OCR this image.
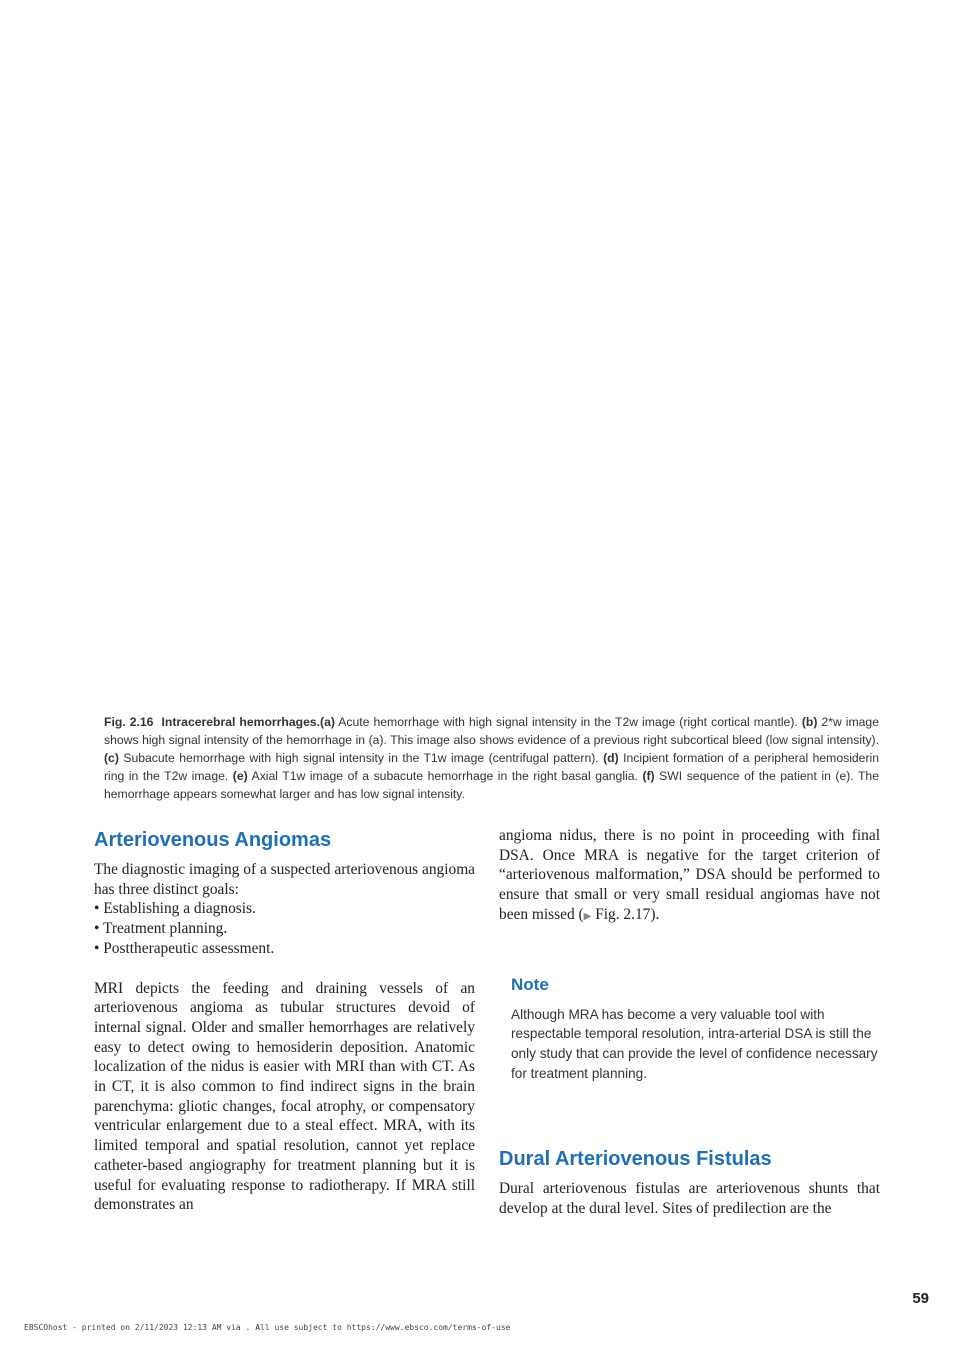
Fig. 2.16 Intracerebral hemorrhages.(a) Acute hemorrhage with high signal intensity in the T2w image (right cortical mantle). (b) 2*w image shows high signal intensity of the hemorrhage in (a). This image also shows evidence of a previous right subcortical bleed (low signal intensity). (c) Subacute hemorrhage with high signal intensity in the T1w image (centrifugal pattern). (d) Incipient formation of a peripheral hemosiderin ring in the T2w image. (e) Axial T1w image of a subacute hemorrhage in the right basal ganglia. (f) SWI sequence of the patient in (e). The hemorrhage appears somewhat larger and has low signal intensity.
Arteriovenous Angiomas

The diagnostic imaging of a suspected arteriovenous angioma has three distinct goals:

• Establishing a diagnosis.
• Treatment planning.
• Posttherapeutic assessment.

MRI depicts the feeding and draining vessels of an arteriovenous angioma as tubular structures devoid of internal signal. Older and smaller hemorrhages are relatively easy to detect owing to hemosiderin deposition. Anatomic localization of the nidus is easier with MRI than with CT. As in CT, it is also common to find indirect signs in the brain parenchyma: gliotic changes, focal atrophy, or compensatory ventricular enlargement due to a steal effect. MRA, with its limited temporal and spatial resolution, cannot yet replace catheter-based angiography for treatment planning but it is useful for evaluating response to radiotherapy. If MRA still demonstrates an

angioma nidus, there is no point in proceeding with final DSA. Once MRA is negative for the target criterion of “arteriovenous malformation,” DSA should be performed to ensure that small or very small residual angiomas have not been missed (▶ Fig. 2.17).

Note

Although MRA has become a very valuable tool with respectable temporal resolution, intra-arterial DSA is still the only study that can provide the level of confidence necessary for treatment planning.

Dural Arteriovenous Fistulas

Dural arteriovenous fistulas are arteriovenous shunts that develop at the dural level. Sites of predilection are the

59
EBSCOhost - printed on 2/11/2023 12:13 AM via . All use subject to https://www.ebsco.com/terms-of-use
